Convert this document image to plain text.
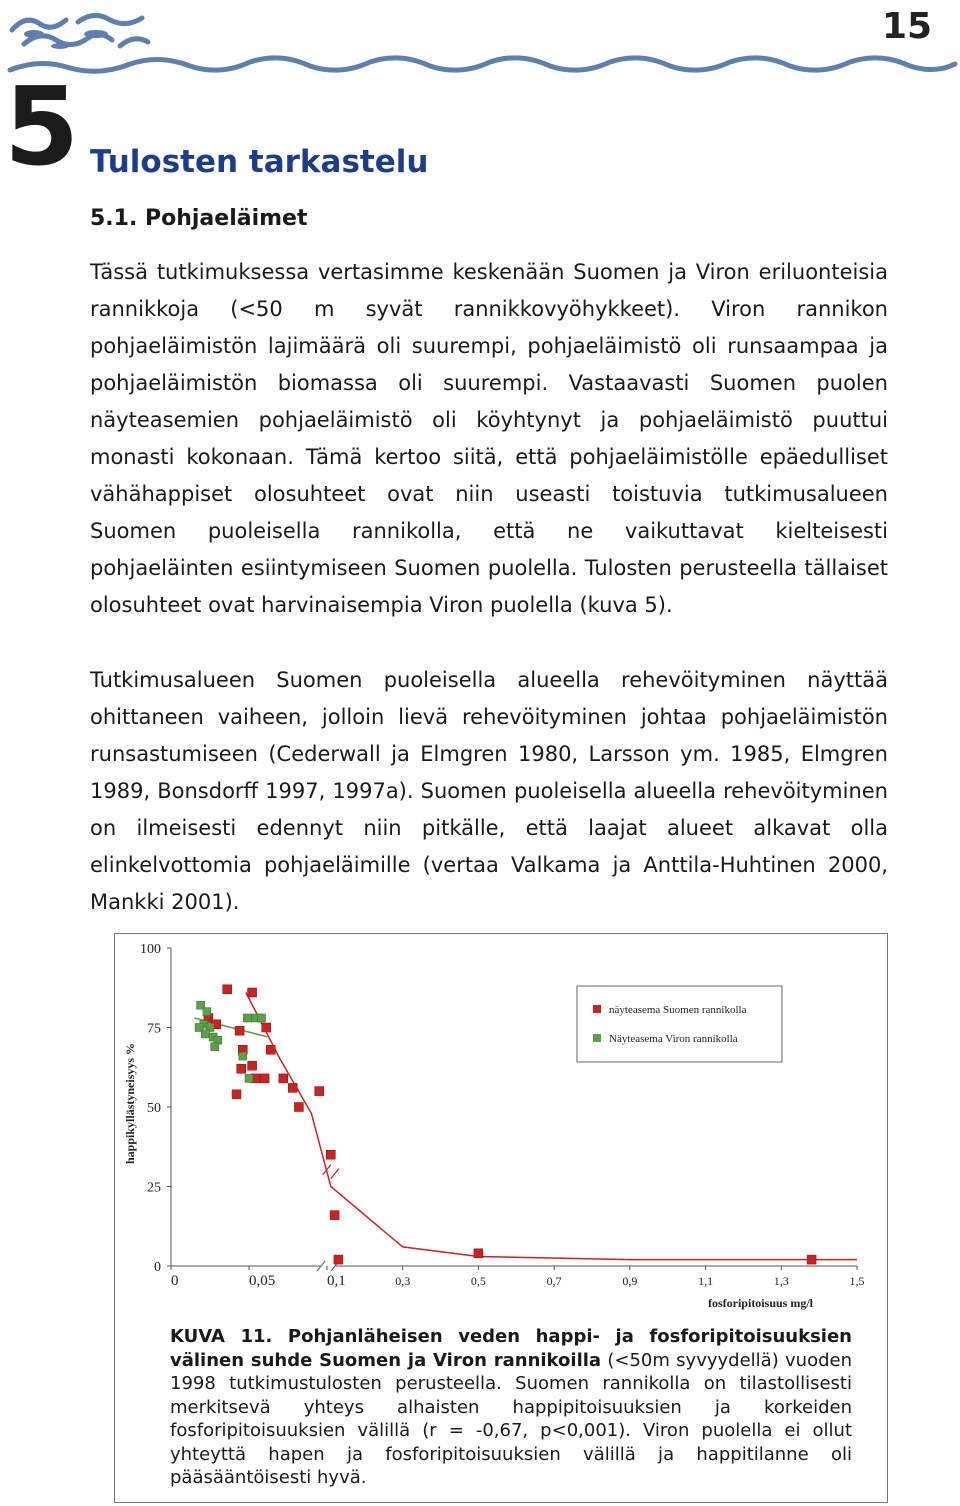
15
5 Tulosten tarkastelu
5.1. Pohjaeläimet

Tässä tutkimuksessa vertasimme keskenään Suomen ja Viron eriluonteisia rannikkoja (<50 m syvät rannikkovyöhykkeet). Viron rannikon pohjaeläimistön lajimäärä oli suurempi, pohjaeläimistö oli runsaampaa ja pohjaeläimistön biomassa oli suurempi. Vastaavasti Suomen puolen näyteasemien pohjaeläimistö oli köyhtynyt ja pohjaeläimistö puuttui monasti kokonaan. Tämä kertoo siitä, että pohjaeläimistölle epäedulliset vähähappiset olosuhteet ovat niin useasti toistuvia tutkimusalueen Suomen puoleisella rannikolla, että ne vaikuttavat kielteisesti pohjaeläinten esiintymiseen Suomen puolella. Tulosten perusteella tällaiset olosuhteet ovat harvinaisempia Viron puolella (kuva 5).

Tutkimusalueen Suomen puoleisella alueella rehevöityminen näyttää ohittaneen vaiheen, jolloin lievä rehevöityminen johtaa pohjaeläimistön runsastumiseen (Cederwall ja Elmgren 1980, Larsson ym. 1985, Elmgren 1989, Bonsdorff 1997, 1997a). Suomen puoleisella alueella rehevöityminen on ilmeisesti edennyt niin pitkälle, että laajat alueet alkavat olla elinkelvottomia pohjaeläimille (vertaa Valkama ja Anttila-Huhtinen 2000, Mankki 2001).

0
25
50
75
100
0	0,05	0,1	0,3	0,5	0,7	0,9	1,1	1,3	1,5
näyteasema Suomen rannikolla
Näyteasema Viron rannikolla
happikyllästyneisyys %
fosforipitoisuus mg/l

KUVA 11. Pohjanläheisen veden happi- ja fosforipitoisuuksien välinen suhde Suomen ja Viron rannikoilla (<50m syvyydellä) vuoden 1998 tutkimustulosten perusteella. Suomen rannikolla on tilastollisesti merkitsevä yhteys alhaisten happipitoisuuksien ja korkeiden fosforipitoisuuksien välillä (r = -0,67, p<0,001). Viron puolella ei ollut yhteyttä hapen ja fosforipitoisuuksien välillä ja happitilanne oli pääsääntöisesti hyvä.
